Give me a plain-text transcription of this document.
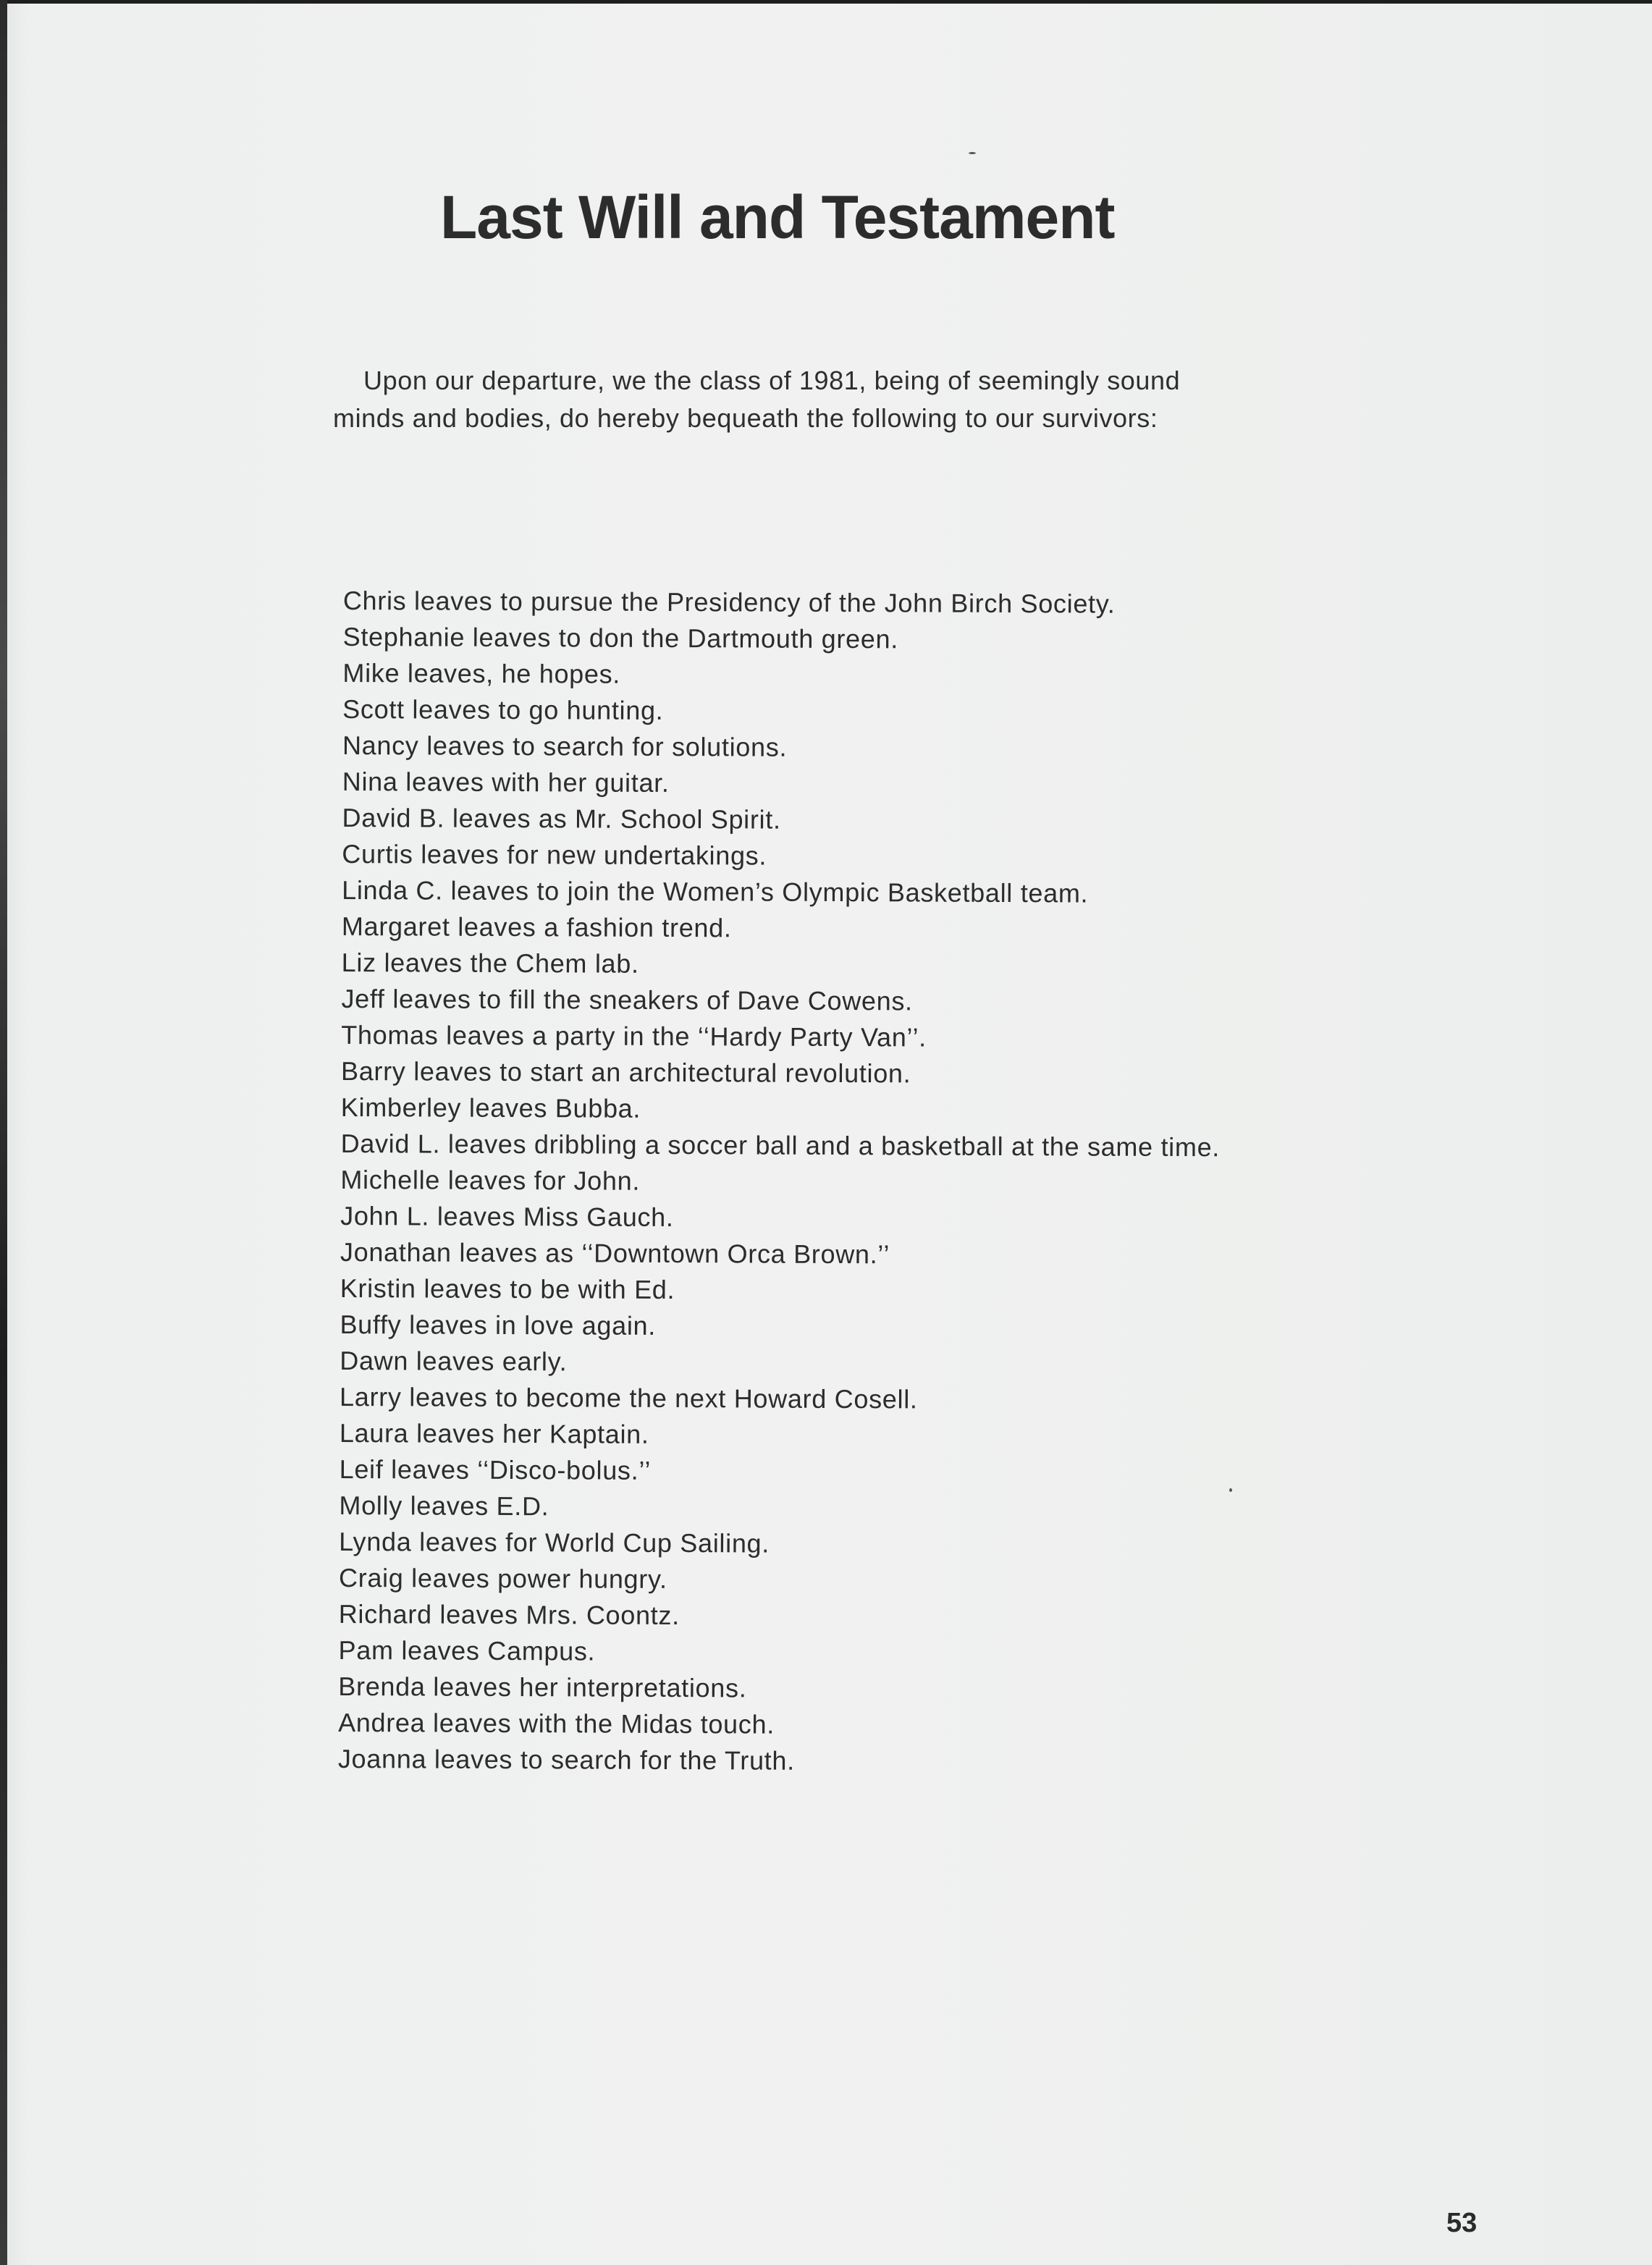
Last Will and Testament

Upon our departure, we the class of 1981, being of seemingly sound

minds and bodies, do hereby bequeath the following to our survivors:

Chris leaves to pursue the Presidency of the John Birch Society.
Stephanie leaves to don the Dartmouth green.
Mike leaves, he hopes.
Scott leaves to go hunting.
Nancy leaves to search for solutions.
Nina leaves with her guitar.
David B. leaves as Mr. School Spirit.
Curtis leaves for new undertakings.
Linda C. leaves to join the Women’s Olympic Basketball team.
Margaret leaves a fashion trend.
Liz leaves the Chem lab.
Jeff leaves to fill the sneakers of Dave Cowens.
Thomas leaves a party in the ‘‘Hardy Party Van’’.
Barry leaves to start an architectural revolution.
Kimberley leaves Bubba.
David L. leaves dribbling a soccer ball and a basketball at the same time.
Michelle leaves for John.
John L. leaves Miss Gauch.
Jonathan leaves as ‘‘Downtown Orca Brown.’’
Kristin leaves to be with Ed.
Buffy leaves in love again.
Dawn leaves early.
Larry leaves to become the next Howard Cosell.
Laura leaves her Kaptain.
Leif leaves ‘‘Disco-bolus.’’
Molly leaves E.D.
Lynda leaves for World Cup Sailing.
Craig leaves power hungry.
Richard leaves Mrs. Coontz.
Pam leaves Campus.
Brenda leaves her interpretations.
Andrea leaves with the Midas touch.
Joanna leaves to search for the Truth.
53
